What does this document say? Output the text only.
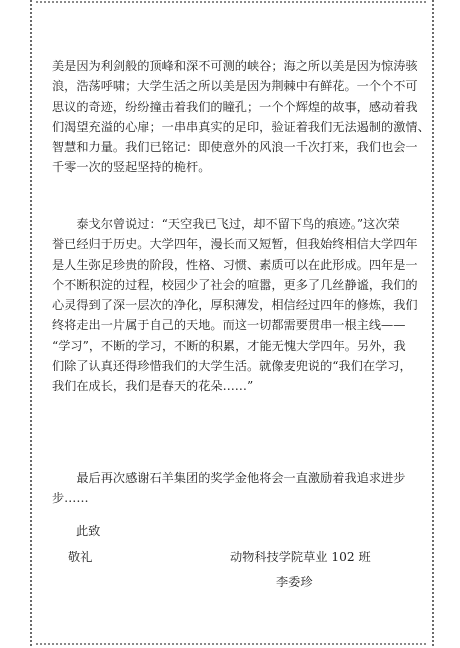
美是因为利剑般的顶峰和深不可测的峡谷；海之所以美是因为惊涛骇
浪，浩荡呼啸；大学生活之所以美是因为荆棘中有鲜花。一个个不可
思议的奇迹，纷纷撞击着我们的瞳孔；一个个辉煌的故事，感动着我
们渴望充溢的心扉；一串串真实的足印，验证着我们无法遏制的激情、
智慧和力量。我们已铭记：即使意外的风浪一千次打来，我们也会一
千零一次的竖起坚持的桅杆。
　　泰戈尔曾说过：“天空我已飞过，却不留下鸟的痕迹。”这次荣
誉已经归于历史。大学四年，漫长而又短暂，但我始终相信大学四年
是人生弥足珍贵的阶段，性格、习惯、素质可以在此形成。四年是一
个不断积淀的过程，校园少了社会的喧嚣，更多了几丝静谧，我们的
心灵得到了深一层次的净化，厚积薄发，相信经过四年的修炼，我们
终将走出一片属于自己的天地。而这一切都需要贯串一根主线——
“学习”，不断的学习，不断的积累，才能无愧大学四年。另外，我
们除了认真还得珍惜我们的大学生活。就像麦兜说的“我们在学习，
我们在成长，我们是春天的花朵……”
　　最后再次感谢石羊集团的奖学金他将会一直激励着我追求进步
步……
此致
敬礼	动物科技学院草业 102 班
李委珍
